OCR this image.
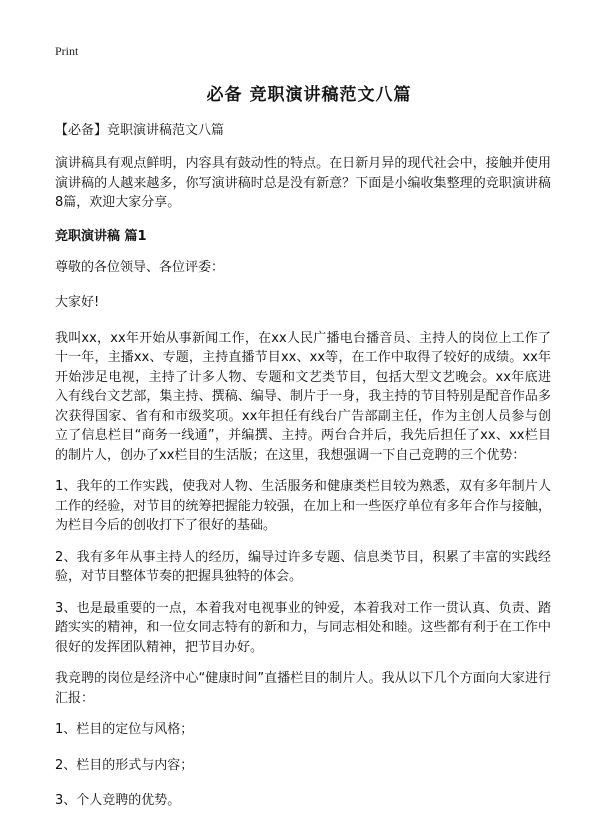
Print
必备 竞职演讲稿范文八篇
【必备】竞职演讲稿范文八篇
演讲稿具有观点鲜明，内容具有鼓动性的特点。在日新月异的现代社会中，接触并使用演讲稿的人越来越多，你写演讲稿时总是没有新意？下面是小编收集整理的竞职演讲稿8篇，欢迎大家分享。
竞职演讲稿 篇1
尊敬的各位领导、各位评委：
大家好!
我叫xx，xx年开始从事新闻工作，在xx人民广播电台播音员、主持人的岗位上工作了十一年，主播xx、专题，主持直播节目xx、xx等，在工作中取得了较好的成绩。xx年开始涉足电视，主持了计多人物、专题和文艺类节目，包括大型文艺晚会。xx年底进入有线台文艺部，集主持、撰稿、编导、制片于一身，我主持的节目特别是配音作品多次获得国家、省有和市级奖项。xx年担任有线台广告部副主任，作为主创人员参与创立了信息栏目“商务一线通”，并编撰、主持。两台合并后，我先后担任了xx、xx栏目的制片人，创办了xx栏目的生活版；在这里，我想强调一下自己竞聘的三个优势：
1、我年的工作实践，使我对人物、生活服务和健康类栏目较为熟悉，双有多年制片人工作的经验，对节目的统筹把握能力较强，在加上和一些医疗单位有多年合作与接触，为栏目今后的创收打下了很好的基础。
2、我有多年从事主持人的经历，编导过许多专题、信息类节目，积累了丰富的实践经验，对节目整体节奏的把握具独特的体会。
3、也是最重要的一点，本着我对电视事业的钟爱，本着我对工作一贯认真、负责、踏踏实实的精神，和一位女同志特有的新和力，与同志相处和睦。这些都有利于在工作中很好的发挥团队精神，把节目办好。
我竞聘的岗位是经济中心“健康时间”直播栏目的制片人。我从以下几个方面向大家进行汇报：
1、栏目的定位与风格；
2、栏目的形式与内容；
3、个人竞聘的优势。
